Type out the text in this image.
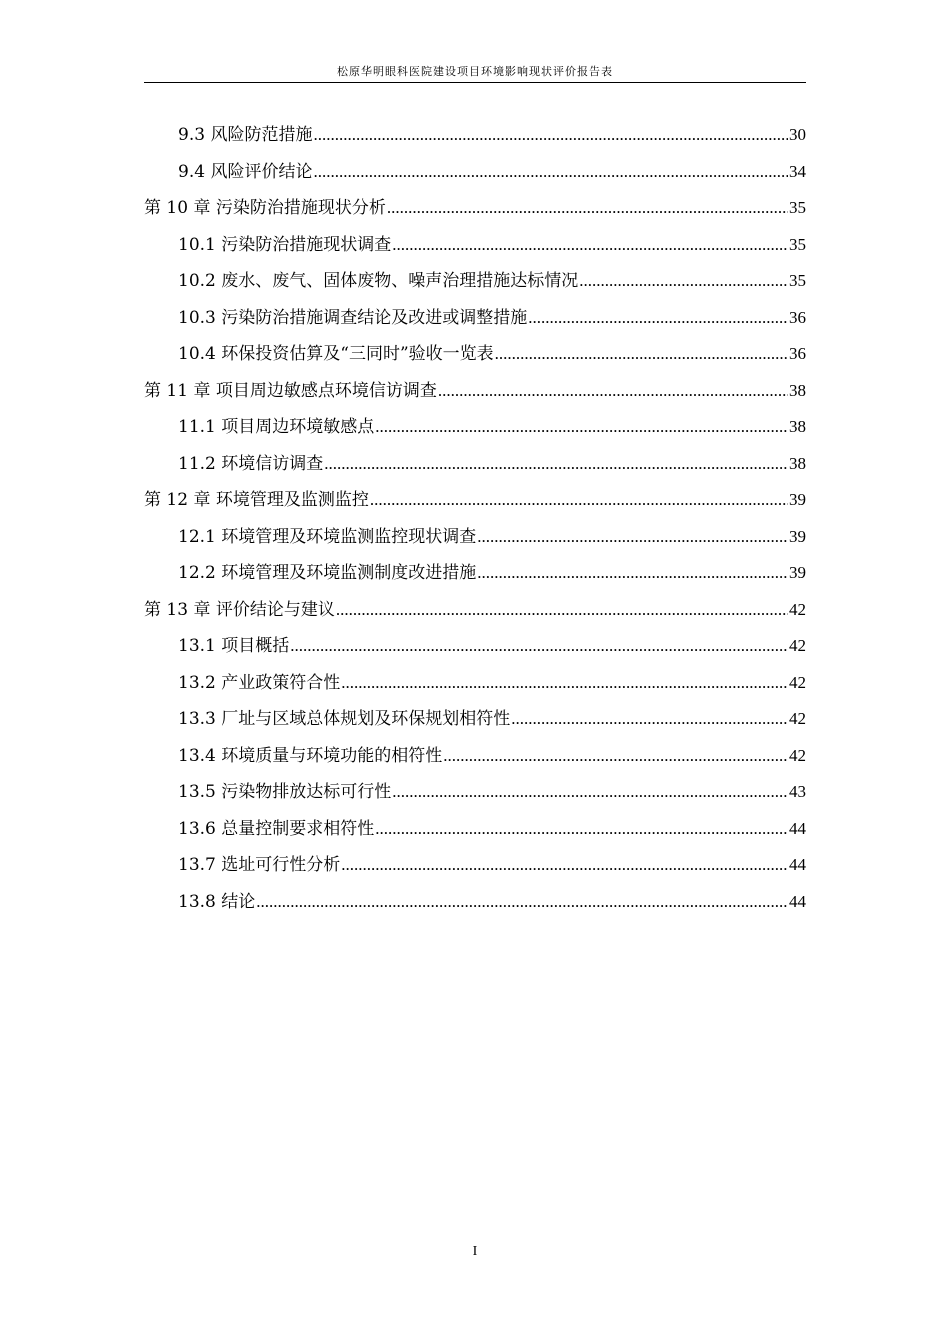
松原华明眼科医院建设项目环境影响现状评价报告表
9.3 风险防范措施 .....	30
9.4 风险评价结论 .....	34
第 10 章 污染防治措施现状分析 .....	35
10.1 污染防治措施现状调查 .....	35
10.2 废水、废气、固体废物、噪声治理措施达标情况 .....	35
10.3 污染防治措施调查结论及改进或调整措施 .....	36
10.4 环保投资估算及“三同时”验收一览表 .....	36
第 11 章 项目周边敏感点环境信访调查 .....	38
11.1 项目周边环境敏感点 .....	38
11.2 环境信访调查 .....	38
第 12 章 环境管理及监测监控 .....	39
12.1 环境管理及环境监测监控现状调查 .....	39
12.2 环境管理及环境监测制度改进措施 .....	39
第 13 章 评价结论与建议 .....	42
13.1 项目概括 .....	42
13.2 产业政策符合性 .....	42
13.3 厂址与区域总体规划及环保规划相符性 .....	42
13.4 环境质量与环境功能的相符性 .....	42
13.5 污染物排放达标可行性 .....	43
13.6 总量控制要求相符性 .....	44
13.7 选址可行性分析 .....	44
13.8 结论 .....	44
I
